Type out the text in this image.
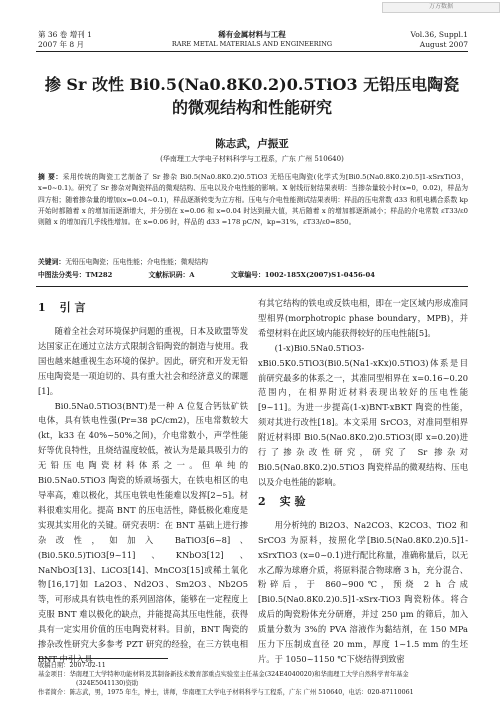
万方数据
第 36 卷 增刊 1
2007 年 8 月
稀有金属材料与工程
RARE METAL MATERIALS AND ENGINEERING
Vol.36, Suppl.1
August 2007
掺 Sr 改性 Bi0.5(Na0.8K0.2)0.5TiO3 无铅压电陶瓷
的微观结构和性能研究
陈志武，卢振亚
(华南理工大学电子材料科学与工程系，广东 广州 510640)
摘 要：采用传统的陶瓷工艺制备了 Sr 掺杂 Bi0.5(Na0.8K0.2)0.5TiO3 无铅压电陶瓷(化学式为[Bi0.5(Na0.8K0.2)0.5]1-xSrxTiO3，x=0~0.1)。研究了 Sr 掺杂对陶瓷样品的微观结构、压电以及介电性能的影响。X 射线衍射结果表明：当掺杂量较小时(x=0，0.02)，样品为四方相；随着掺杂量的增加(x=0.04~0.1)，样品逐渐转变为立方相。压电与介电性能测试结果表明：样品的压电常数 d33 和机电耦合系数 kp 开始时都随着 x 的增加而逐渐增大，并分别在 x=0.06 和 x=0.04 时达到最大值，其后随着 x 的增加都逐渐减小；样品的介电常数 εT33/ε0 则随 x 的增加而几乎线性增加。在 x=0.06 时，样品的 d33 =178 pC/N，kp=31%，εT33/ε0=850。
关键词：无铅压电陶瓷；压电性能；介电性能；微观结构
中图法分类号：TM282	文献标识码：A	文章编号：1002-185X(2007)S1-0456-04
1 引 言

随着全社会对环境保护问题的重视，日本及欧盟等发达国家正在通过立法方式限制含铅陶瓷的制造与使用。我国也越来越重视生态环境的保护。因此，研究和开发无铅压电陶瓷是一项迫切的、具有重大社会和经济意义的课题[1]。

Bi0.5Na0.5TiO3(BNT)是一种 A 位复合钙钛矿铁电体，具有铁电性强(Pr=38 pC/cm2)，压电常数较大(kt，k33 在 40%~50%之间)，介电常数小，声学性能好等优良特性，且烧结温度较低，被认为是最具吸引力的无铅压电陶瓷材料体系之一。但单纯的 Bi0.5Na0.5TiO3 陶瓷的矫顽场强大，在铁电相区的电导率高，难以极化，其压电铁电性能难以发挥[2~5]。材料很难实用化。提高 BNT 的压电活性，降低极化难度是实现其实用化的关键。研究表明：在 BNT 基础上进行掺杂改性，如加入 BaTiO3[6~8]、(Bi0.5K0.5)TiO3[9~11]、KNbO3[12]、NaNbO3[13]、LiCO3[14]、MnCO3[15]或稀土氧化物[16,17]如 La2O3、Nd2O3、Sm2O3、Nb2O5 等，可形成具有铁电性的系列固溶体，能够在一定程度上克服 BNT 难以极化的缺点，并能提高其压电性能，获得具有一定实用价值的压电陶瓷材料。目前，BNT 陶瓷的掺杂改性研究大多参考 PZT 研究的经验，在三方铁电相 BNT 中引入具

有其它结构的铁电或反铁电相，即在一定区域内形成准同型相界(morphotropic phase boundary，MPB)，并希望材料在此区域内能获得较好的压电性能[5]。

(1-x)Bi0.5Na0.5TiO3-xBi0.5K0.5TiO3(Bi0.5(Na1-xKx)0.5TiO3)体系是目前研究最多的体系之一，其准同型相界在 x=0.16~0.20 范围内，在相界附近材料表现出较好的压电性能[9~11]。为进一步提高(1-x)BNT-xBKT 陶瓷的性能，须对其进行改性[18]。本文采用 SrCO3，对准同型相界附近材料即 Bi0.5(Na0.8K0.2)0.5TiO3(即 x=0.20)进行了掺杂改性研究，研究了 Sr 掺杂对 Bi0.5(Na0.8K0.2)0.5TiO3 陶瓷样品的微观结构、压电以及介电性能的影响。

2 实 验

用分析纯的 Bi2O3、Na2CO3、K2CO3、TiO2 和 SrCO3 为原料，按照化学[Bi0.5(Na0.8K0.2)0.5]1-xSrxTiO3 (x=0~0.1)进行配比称量，准确称量后，以无水乙醇为球磨介质，将原料混合物球磨 3 h，充分混合、粉碎后，于 860~900℃，预烧 2 h 合成[Bi0.5(Na0.8K0.2)0.5]1-xSrx-TiO3 陶瓷粉体。将合成后的陶瓷粉体充分研磨，并过 250 μm 的筛后，加入质量分数为 3%的 PVA 溶液作为黏结剂，在 150 MPa 压力下压制成直径 20 mm，厚度 1~1.5 mm 的生坯片。于 1050~1150 ℃下烧结得到致密

收稿日期：2007-02-11
基金项目：华南理工大学特种功能材料及其制备新技术教育部重点实验室主任基金(324E4040020)和华南理工大学自然科学青年基金
(324E5041130)资助
作者简介：陈志武，男，1975 年生，博士，讲师，华南理工大学电子材料科学与工程系，广东 广州 510640，电话：020-87110061
